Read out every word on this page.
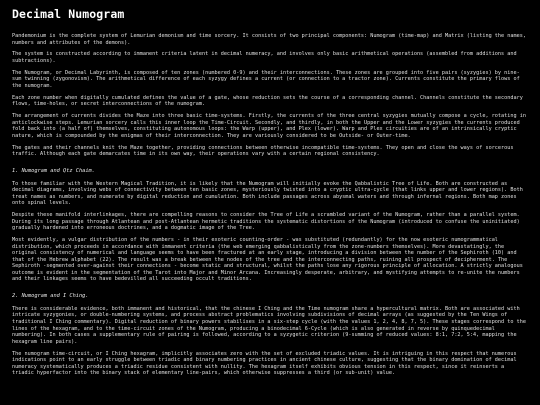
Decimal Numogram

Pandemonium is the complete system of Lemurian demonism and time sorcery. It consists of two principal components: Numogram (time-map) and Matrix (listing the names, numbers and attributes of the demons).

The system is constructed according to immanent criteria latent in decimal numeracy, and involves only basic arithmetical operations (assembled from additions and subtractions).

The Numogram, or Decimal Labyrinth, is composed of ten zones (numbered 0-9) and their interconnections. These zones are grouped into five pairs (syzygies) by nine-sum twinning (zygonovism). The arithmetical difference of each syzygy defines a current (or connection to a tractor zone). Currents constitute the primary flows of the numogram.

Each zone number when digitally cumulated defines the value of a gate, whose reduction sets the course of a corresponding channel. Channels constitute the secondary flows, time-holes, or secret interconnections of the numogram.

The arrangement of currents divides the Maze into three basic time-systems. Firstly, the currents of the three central syzygies mutually compose a cycle, rotating in anticlockwise steps. Lemurian sorcery calls this inner loop the Time-Circuit. Secondly, and thirdly, in both the Upper and the Lower syzygies the currents produced fold back into (a half of) themselves, constituting autonomous loops: the Warp (upper), and Plex (lower). Warp and Plex circuities are of an intrinsically cryptic nature, which is compounded by the enigmas of their interconnection. They are variously considered to be Outside- or Outer-time.

The gates and their channels knit the Maze together, providing connections between otherwise incompatible time-systems. They open and close the ways of sorcerous traffic. Although each gate demarcates time in its own way, their operations vary with a certain regional consistency.

1. Numogram and Qtz Chaim.

To those familiar with the Western Magical Tradition, it is likely that the Numogram will initially evoke the Qabbalistic Tree of Life. Both are constructed as decimal diagrams, involving webs of connectivity between ten basic zones, mysteriously twisted into a cryptic ultra-cycle (that links upper and lower regions). Both treat names as numbers, and numerate by digital reduction and cumulation. Both include passages across abysmal waters and through infernal regions. Both map zones onto spinal levels.

Despite these manifold interlinkages, there are compelling reasons to consider the Tree of Life a scrambled variant of the Numogram, rather than a parallel system. During its long passage through Atlantean and post-Atlantean hermetic traditions the systematic distortions of the Numogram (introduced to confuse the uninitiated) gradually hardened into erroneous doctrines, and a dogmatic image of the Tree.

Most evidently, a vulgar distribution of the numbers - in their exoteric counting-order - was substituted (redundantly) for the now esoteric numogrammatical distribution, which proceeds in accordance with immanent criteria (the web emerging qabbalistically from the zone-numbers themselves). More devastatingly, the original consistency of numerical and language seems to have been fractured at an early stage, introducing a division between the number of the Sephiroth (10) and that of the Hebrew alphabet (22). The result was a break between the nodes of the tree and the interconnecting paths, ruining all prospect of decipherment. The Sephiroth -segmented over-against their connections - become static and structural, whilst the paths lose any rigorous principle of allocation. A strictly analogous outcome is evident in the segmentation of the Tarot into Major and Minor Arcana. Increasingly desperate, arbitrary, and mystifying attempts to re-unite the numbers and their linkages seems to have bedevilled all succeeding occult traditions.

2. Numogram and I Ching.

There is considerable evidence, both immanent and historical, that the chinese I Ching and the Time numogram share a hypercultural matrix. Both are associated with intricate syzygonies, or double-numbering systems, and process abstract problematics involving subdivisions of decimal arrays (as suggested by the Ten Wings of traditional I Ching commentary). Digital reduction of binary powers stabilises in a six-step cycle (with the values 1, 2, 4, 8, 7, 5). These stages correspond to the lines of the hexagram, and to the time-circuit zones of the Numogram, producing a binodecimal 6-Cycle (which is also generated in reverse by quinquedecimal numbering). In both cases a supplementary rule of pairing is followed, according to a syzygetic criterion (9-summing of reduced values: 8:1, 7:2, 5:4, mapping the hexagram line pairs).

The numogram time-circuit, or I Ching hexagram, implicitly associates zero with the set of excluded triadic values. It is intriguing in this respect that numerous indications point to an early struggle between triadic and binary numbering practices in ancient chinese culture, suggesting that the binary domination of decimal numeracy systematically produces a triadic residue consistent with nullity. The hexagram itself exhibits obvious tension in this respect, since it reinserts a triadic hyperfactor into the binary stack of elementary line-pairs, which otherwise suppresses a third (or sub-unit) value.
